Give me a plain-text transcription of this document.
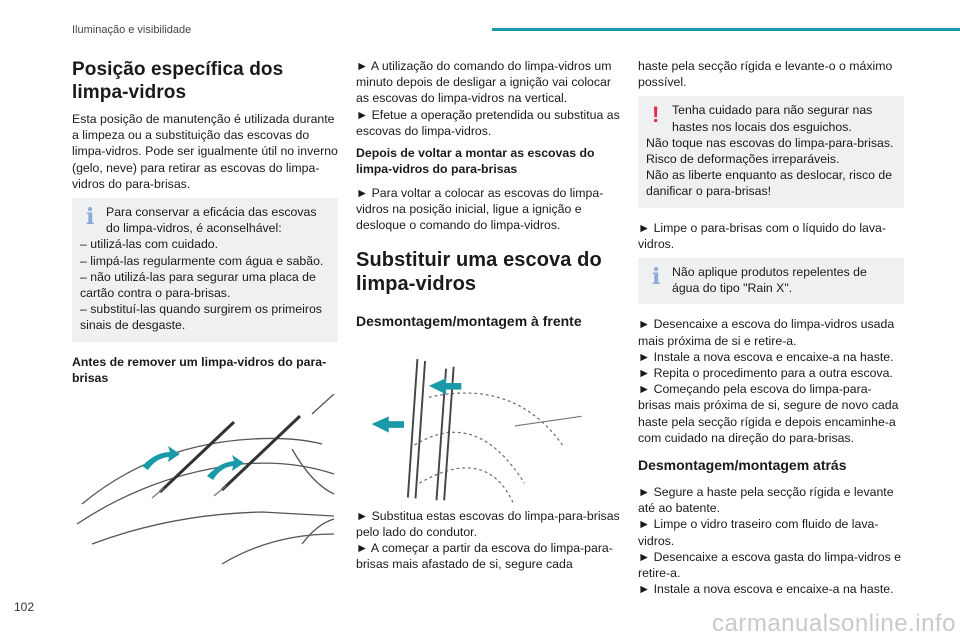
Iluminação e visibilidade
Posição específica dos limpa-vidros

Esta posição de manutenção é utilizada durante a limpeza ou a substituição das escovas do limpa-vidros. Pode ser igualmente útil no inverno (gelo, neve) para retirar as escovas do limpa-vidros do para-brisas.

i Para conservar a eficácia das escovas do limpa-vidros, é aconselhável:

– utilizá-las com cuidado.

– limpá-las regularmente com água e sabão.

– não utilizá-las para segurar uma placa de cartão contra o para-brisas.

– substituí-las quando surgirem os primeiros sinais de desgaste.

Antes de remover um limpa-vidros do para-brisas

► A utilização do comando do limpa-vidros um minuto depois de desligar a ignição vai colocar as escovas do limpa-vidros na vertical.

► Efetue a operação pretendida ou substitua as escovas do limpa-vidros.

Depois de voltar a montar as escovas do limpa-vidros do para-brisas

► Para voltar a colocar as escovas do limpa-vidros na posição inicial, ligue a ignição e desloque o comando do limpa-vidros.

Substituir uma escova do limpa-vidros
Desmontagem/montagem à frente

► Substitua estas escovas do limpa-para-brisas pelo lado do condutor.

► A começar a partir da escova do limpa-para-brisas mais afastado de si, segure cada

haste pela secção rígida e levante-o o máximo possível.

!	Tenha cuidado para não segurar nas hastes nos locais dos esguichos.

Não toque nas escovas do limpa-para-brisas.

Risco de deformações irreparáveis.

Não as liberte enquanto as deslocar, risco de danificar o para-brisas!

► Limpe o para-brisas com o líquido do lava-vidros.

i Não aplique produtos repelentes de água do tipo "Rain X".

► Desencaixe a escova do limpa-vidros usada mais próxima de si e retire-a.

► Instale a nova escova e encaixe-a na haste.

► Repita o procedimento para a outra escova.

► Começando pela escova do limpa-para-brisas mais próxima de si, segure de novo cada haste pela secção rígida e depois encaminhe-a com cuidado na direção do para-brisas.

Desmontagem/montagem atrás

► Segure a haste pela secção rígida e levante até ao batente.

► Limpe o vidro traseiro com fluido de lava-vidros.

► Desencaixe a escova gasta do limpa-vidros e retire-a.

► Instale a nova escova e encaixe-a na haste.

102
carmanualsonline.info
